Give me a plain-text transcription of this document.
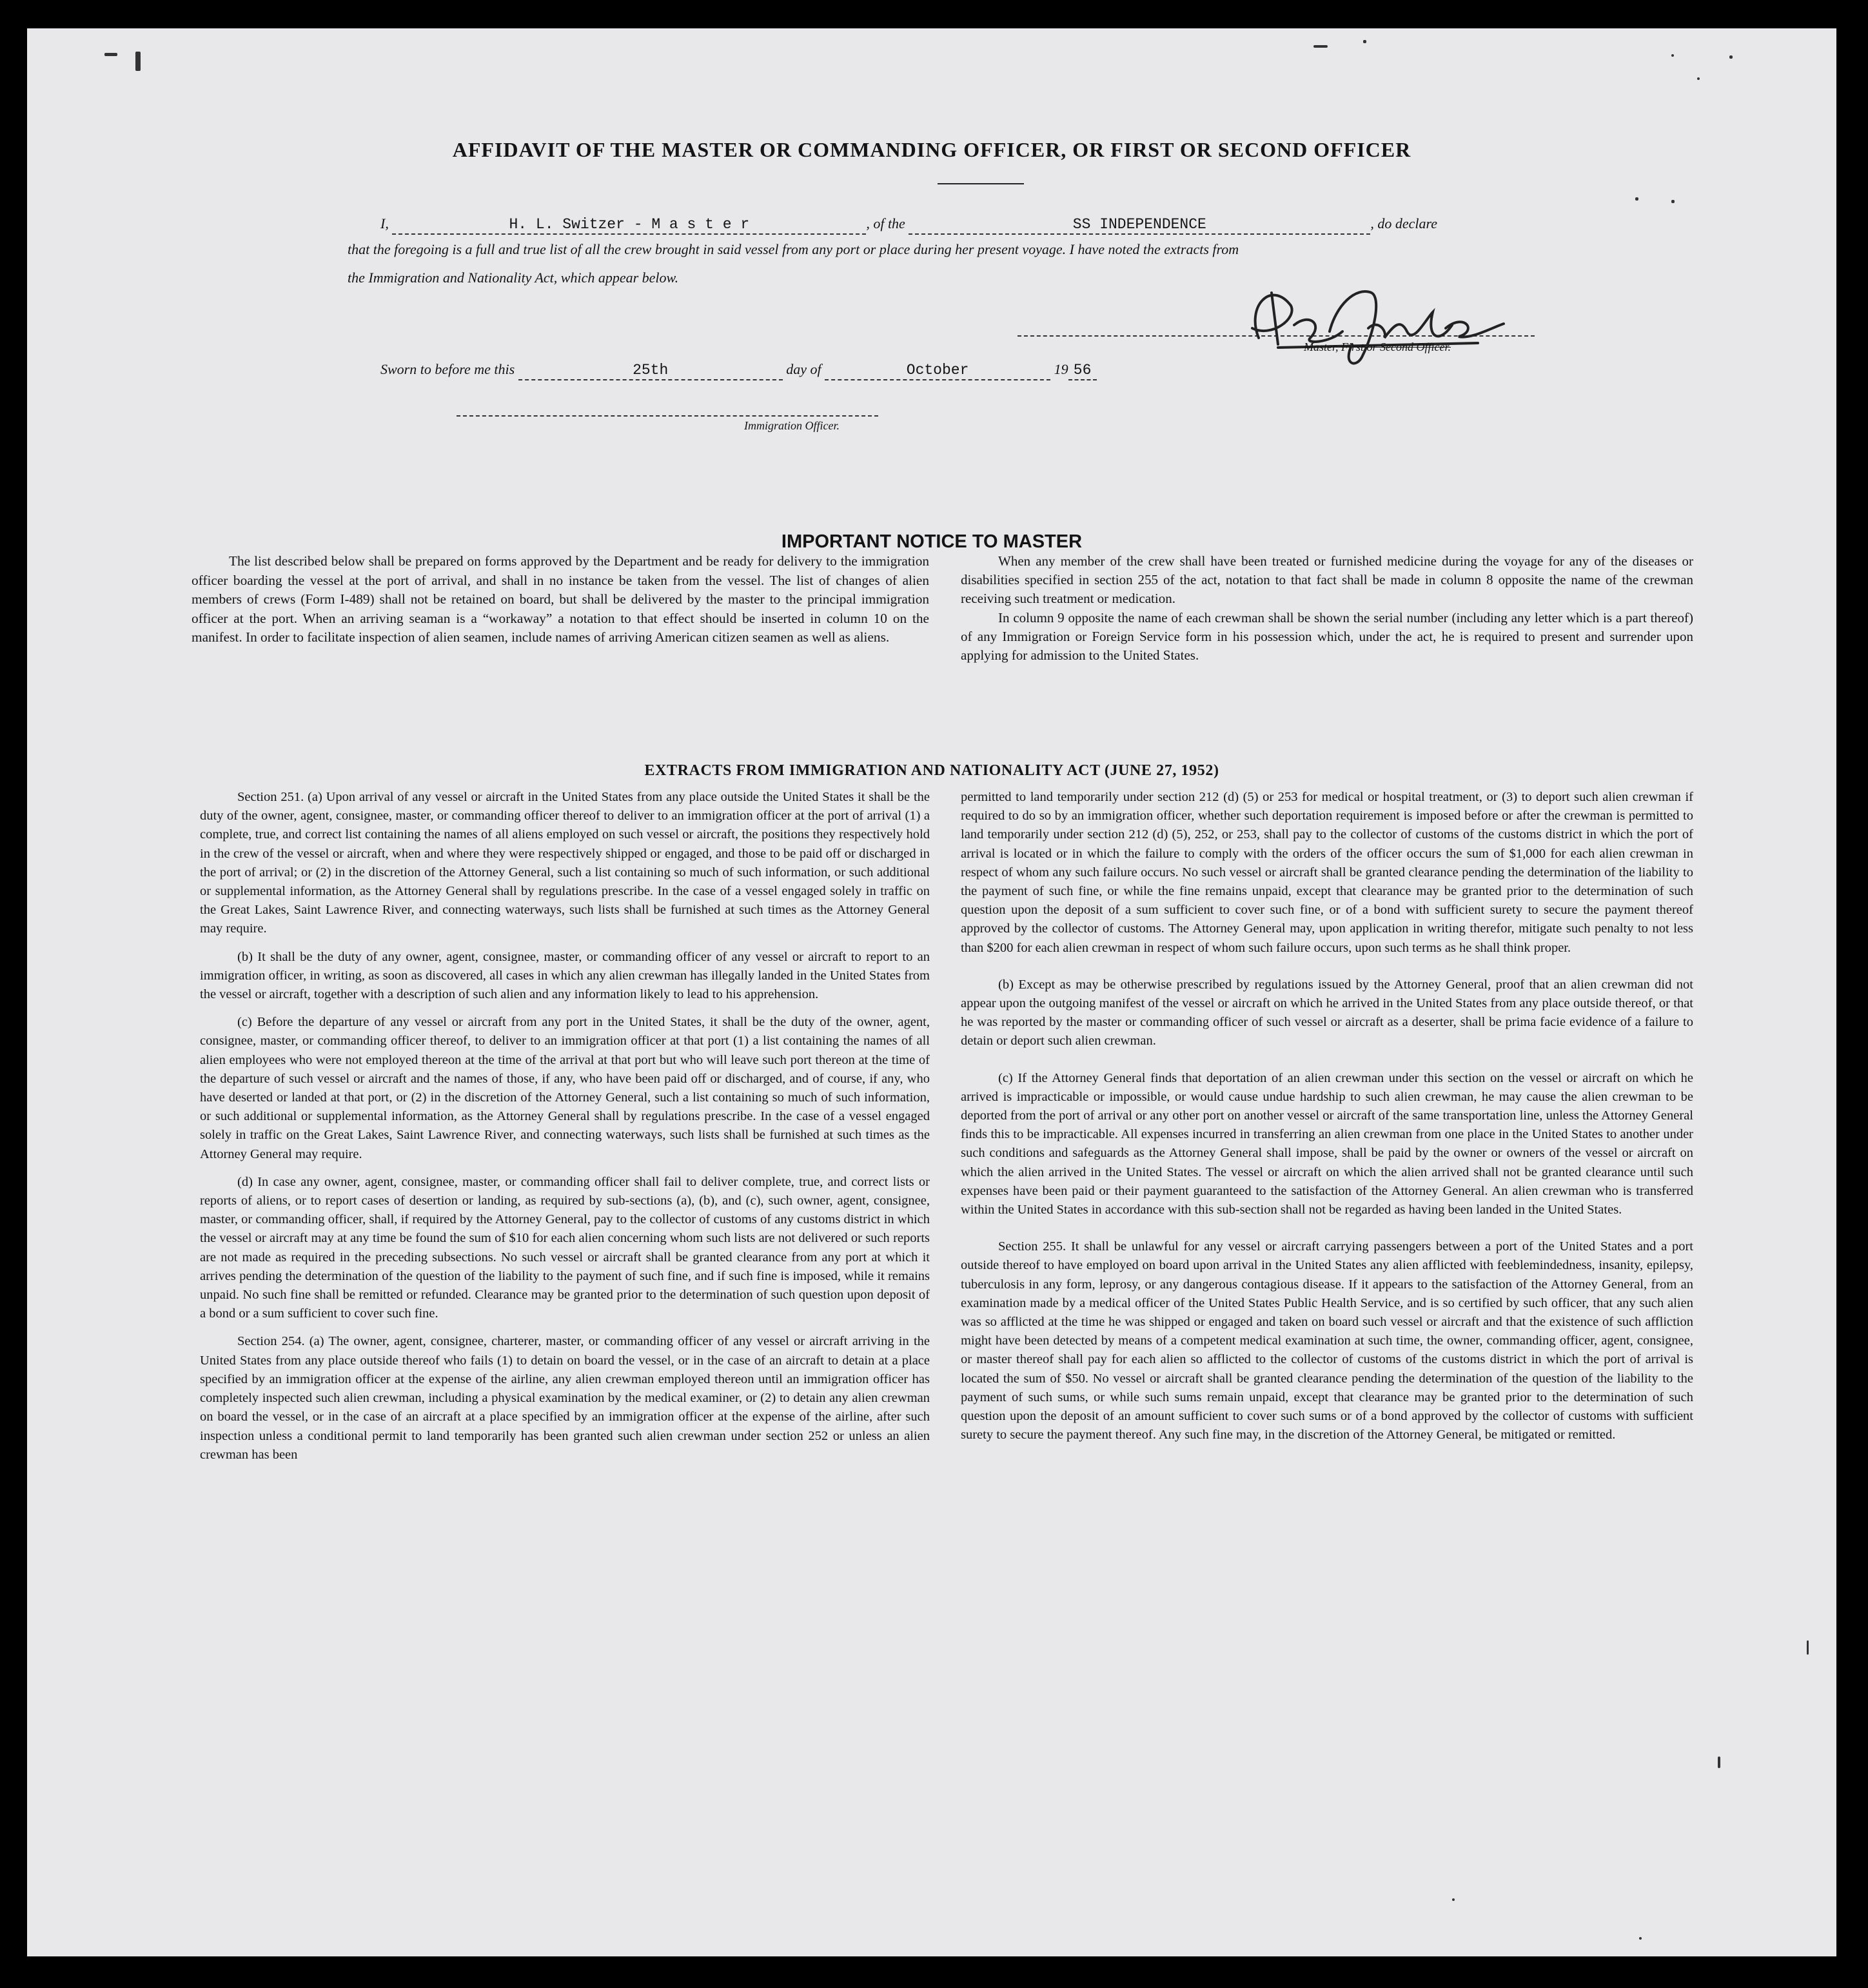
AFFIDAVIT OF THE MASTER OR COMMANDING OFFICER, OR FIRST OR SECOND OFFICER
I,	H. L. Switzer - M a s t e r	, of the	SS INDEPENDENCE	, do declare
that the foregoing is a full and true list of all the crew brought in said vessel from any port or place during her present voyage. I have noted the extracts from
the Immigration and Nationality Act, which appear below.
Master, First or Second Officer.
Sworn to before me this	25th	day of	October	19 56
Immigration Officer.
IMPORTANT NOTICE TO MASTER

The list described below shall be prepared on forms approved by the Department and be ready for delivery to the immigration officer boarding the vessel at the port of arrival, and shall in no instance be taken from the vessel. The list of changes of alien members of crews (Form I-489) shall not be retained on board, but shall be delivered by the master to the principal immigration officer at the port. When an arriving seaman is a “workaway” a notation to that effect should be inserted in column 10 on the manifest. In order to facilitate inspection of alien seamen, include names of arriving American citizen seamen as well as aliens.

When any member of the crew shall have been treated or furnished medicine during the voyage for any of the diseases or disabilities specified in section 255 of the act, notation to that fact shall be made in column 8 opposite the name of the crewman receiving such treatment or medication.

In column 9 opposite the name of each crewman shall be shown the serial number (including any letter which is a part thereof) of any Immigration or Foreign Service form in his possession which, under the act, he is required to present and surrender upon applying for admission to the United States.

EXTRACTS FROM IMMIGRATION AND NATIONALITY ACT (JUNE 27, 1952)

Section 251. (a) Upon arrival of any vessel or aircraft in the United States from any place outside the United States it shall be the duty of the owner, agent, consignee, master, or commanding officer thereof to deliver to an immigration officer at the port of arrival (1) a complete, true, and correct list containing the names of all aliens employed on such vessel or aircraft, the positions they respectively hold in the crew of the vessel or aircraft, when and where they were respectively shipped or engaged, and those to be paid off or discharged in the port of arrival; or (2) in the discretion of the Attorney General, such a list containing so much of such information, or such additional or supplemental information, as the Attorney General shall by regulations prescribe. In the case of a vessel engaged solely in traffic on the Great Lakes, Saint Lawrence River, and connecting waterways, such lists shall be furnished at such times as the Attorney General may require.

(b) It shall be the duty of any owner, agent, consignee, master, or commanding officer of any vessel or aircraft to report to an immigration officer, in writing, as soon as discovered, all cases in which any alien crewman has illegally landed in the United States from the vessel or aircraft, together with a description of such alien and any information likely to lead to his apprehension.

(c) Before the departure of any vessel or aircraft from any port in the United States, it shall be the duty of the owner, agent, consignee, master, or commanding officer thereof, to deliver to an immigration officer at that port (1) a list containing the names of all alien employees who were not employed thereon at the time of the arrival at that port but who will leave such port thereon at the time of the departure of such vessel or aircraft and the names of those, if any, who have been paid off or discharged, and of course, if any, who have deserted or landed at that port, or (2) in the discretion of the Attorney General, such a list containing so much of such information, or such additional or supplemental information, as the Attorney General shall by regulations prescribe. In the case of a vessel engaged solely in traffic on the Great Lakes, Saint Lawrence River, and connecting waterways, such lists shall be furnished at such times as the Attorney General may require.

(d) In case any owner, agent, consignee, master, or commanding officer shall fail to deliver complete, true, and correct lists or reports of aliens, or to report cases of desertion or landing, as required by sub-sections (a), (b), and (c), such owner, agent, consignee, master, or commanding officer, shall, if required by the Attorney General, pay to the collector of customs of any customs district in which the vessel or aircraft may at any time be found the sum of $10 for each alien concerning whom such lists are not delivered or such reports are not made as required in the preceding subsections. No such vessel or aircraft shall be granted clearance from any port at which it arrives pending the determination of the question of the liability to the payment of such fine, and if such fine is imposed, while it remains unpaid. No such fine shall be remitted or refunded. Clearance may be granted prior to the determination of such question upon deposit of a bond or a sum sufficient to cover such fine.

Section 254. (a) The owner, agent, consignee, charterer, master, or commanding officer of any vessel or aircraft arriving in the United States from any place outside thereof who fails (1) to detain on board the vessel, or in the case of an aircraft to detain at a place specified by an immigration officer at the expense of the airline, any alien crewman employed thereon until an immigration officer has completely inspected such alien crewman, including a physical examination by the medical examiner, or (2) to detain any alien crewman on board the vessel, or in the case of an aircraft at a place specified by an immigration officer at the expense of the airline, after such inspection unless a conditional permit to land temporarily has been granted such alien crewman under section 252 or unless an alien crewman has been

permitted to land temporarily under section 212 (d) (5) or 253 for medical or hospital treatment, or (3) to deport such alien crewman if required to do so by an immigration officer, whether such deportation requirement is imposed before or after the crewman is permitted to land temporarily under section 212 (d) (5), 252, or 253, shall pay to the collector of customs of the customs district in which the port of arrival is located or in which the failure to comply with the orders of the officer occurs the sum of $1,000 for each alien crewman in respect of whom any such failure occurs. No such vessel or aircraft shall be granted clearance pending the determination of the liability to the payment of such fine, or while the fine remains unpaid, except that clearance may be granted prior to the determination of such question upon the deposit of a sum sufficient to cover such fine, or of a bond with sufficient surety to secure the payment thereof approved by the collector of customs. The Attorney General may, upon application in writing therefor, mitigate such penalty to not less than $200 for each alien crewman in respect of whom such failure occurs, upon such terms as he shall think proper.

(b) Except as may be otherwise prescribed by regulations issued by the Attorney General, proof that an alien crewman did not appear upon the outgoing manifest of the vessel or aircraft on which he arrived in the United States from any place outside thereof, or that he was reported by the master or commanding officer of such vessel or aircraft as a deserter, shall be prima facie evidence of a failure to detain or deport such alien crewman.

(c) If the Attorney General finds that deportation of an alien crewman under this section on the vessel or aircraft on which he arrived is impracticable or impossible, or would cause undue hardship to such alien crewman, he may cause the alien crewman to be deported from the port of arrival or any other port on another vessel or aircraft of the same transportation line, unless the Attorney General finds this to be impracticable. All expenses incurred in transferring an alien crewman from one place in the United States to another under such conditions and safeguards as the Attorney General shall impose, shall be paid by the owner or owners of the vessel or aircraft on which the alien arrived in the United States. The vessel or aircraft on which the alien arrived shall not be granted clearance until such expenses have been paid or their payment guaranteed to the satisfaction of the Attorney General. An alien crewman who is transferred within the United States in accordance with this sub-section shall not be regarded as having been landed in the United States.

Section 255. It shall be unlawful for any vessel or aircraft carrying passengers between a port of the United States and a port outside thereof to have employed on board upon arrival in the United States any alien afflicted with feeblemindedness, insanity, epilepsy, tuberculosis in any form, leprosy, or any dangerous contagious disease. If it appears to the satisfaction of the Attorney General, from an examination made by a medical officer of the United States Public Health Service, and is so certified by such officer, that any such alien was so afflicted at the time he was shipped or engaged and taken on board such vessel or aircraft and that the existence of such affliction might have been detected by means of a competent medical examination at such time, the owner, commanding officer, agent, consignee, or master thereof shall pay for each alien so afflicted to the collector of customs of the customs district in which the port of arrival is located the sum of $50. No vessel or aircraft shall be granted clearance pending the determination of the question of the liability to the payment of such sums, or while such sums remain unpaid, except that clearance may be granted prior to the determination of such question upon the deposit of an amount sufficient to cover such sums or of a bond approved by the collector of customs with sufficient surety to secure the payment thereof. Any such fine may, in the discretion of the Attorney General, be mitigated or remitted.
